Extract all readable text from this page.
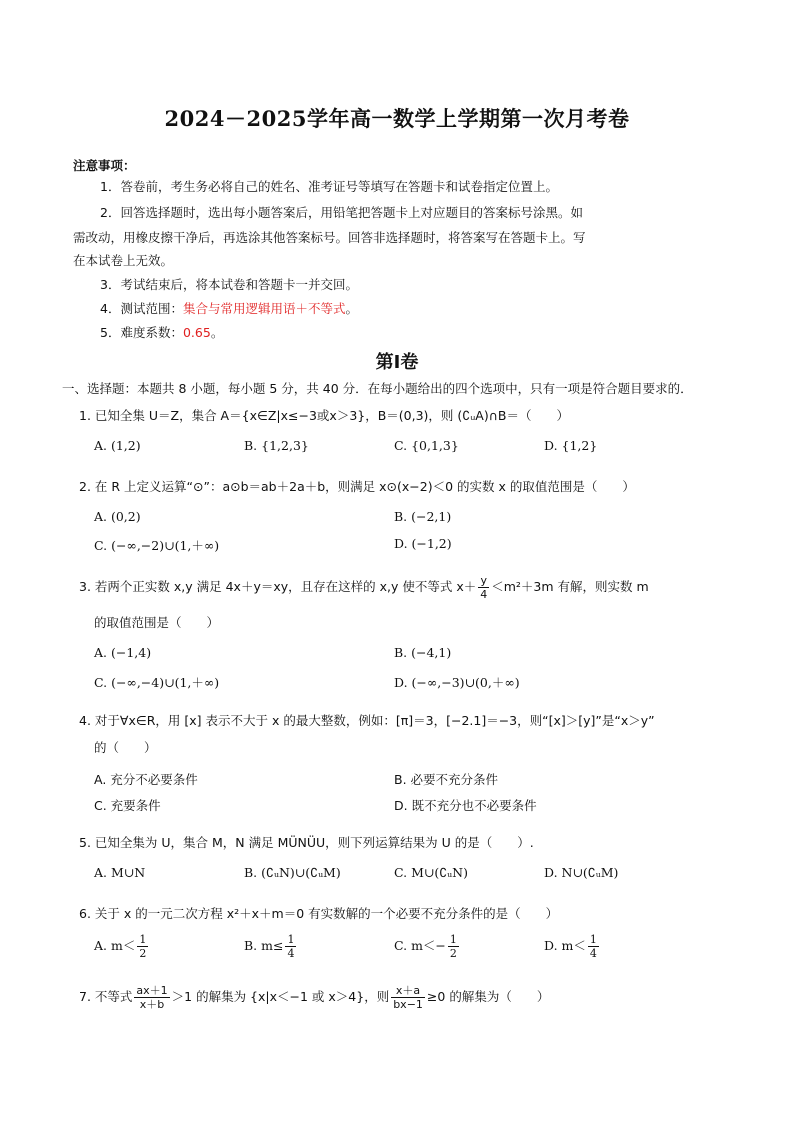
2024－2025学年高一数学上学期第一次月考卷
注意事项：
1．答卷前，考生务必将自己的姓名、准考证号等填写在答题卡和试卷指定位置上。
2．回答选择题时，选出每小题答案后，用铅笔把答题卡上对应题目的答案标号涂黑。如
需改动，用橡皮擦干净后，再选涂其他答案标号。回答非选择题时，将答案写在答题卡上。写
在本试卷上无效。
3．考试结束后，将本试卷和答题卡一并交回。
4．测试范围：集合与常用逻辑用语＋不等式。
5．难度系数：0.65。
第Ⅰ卷
一、选择题：本题共 8 小题，每小题 5 分，共 40 分．在每小题给出的四个选项中，只有一项是符合题目要求的．
1. 已知全集 U＝Z，集合 A＝{x∈Z|x≤−3或x＞3}，B＝(0,3)，则 (∁ᵤA)∩B＝（　　）
A. (1,2)	B. {1,2,3}	C. {0,1,3}	D. {1,2}
2. 在 R 上定义运算“⊙”：a⊙b＝ab＋2a＋b，则满足 x⊙(x−2)＜0 的实数 x 的取值范围是（　　）
A. (0,2)	B. (−2,1)
C. (−∞,−2)∪(1,＋∞)	D. (−1,2)
3. 若两个正实数 x,y 满足 4x＋y＝xy，且存在这样的 x,y 使不等式 $x+ \frac{y}{4} <m^2+3m$ 有解，则实数 m
的取值范围是（　　）
A. (−1,4)	B. (−4,1)
C. (−∞,−4)∪(1,＋∞)	D. (−∞,−3)∪(0,＋∞)
4. 对于∀x∈R，用 [x] 表示不大于 x 的最大整数，例如：[π]＝3，[−2.1]＝−3，则“[x]＞[y]”是“x＞y”
的（　　）
A. 充分不必要条件	B. 必要不充分条件
C. 充要条件	D. 既不充分也不必要条件
5. 已知全集为 U，集合 M，N 满足 MÜNÜU，则下列运算结果为 U 的是（　　）.
A. M∪N	B. (∁ᵤN)∪(∁ᵤM)	C. M∪(∁ᵤN)	D. N∪(∁ᵤM)
6. 关于 x 的一元二次方程 x²＋x＋m＝0 有实数解的一个必要不充分条件的是（　　）
A. $m< \frac{1}{2}$	B. $m\le \frac{1}{4}$	C. $m<- \frac{1}{2}$	D. $m< \frac{1}{4}$
7. 不等式 $\frac{ax+1}{x+b} >1$ 的解集为 {x|x＜−1 或 x＞4}，则 $\frac{x+a}{bx-1} \ge 0$ 的解集为（　　）
